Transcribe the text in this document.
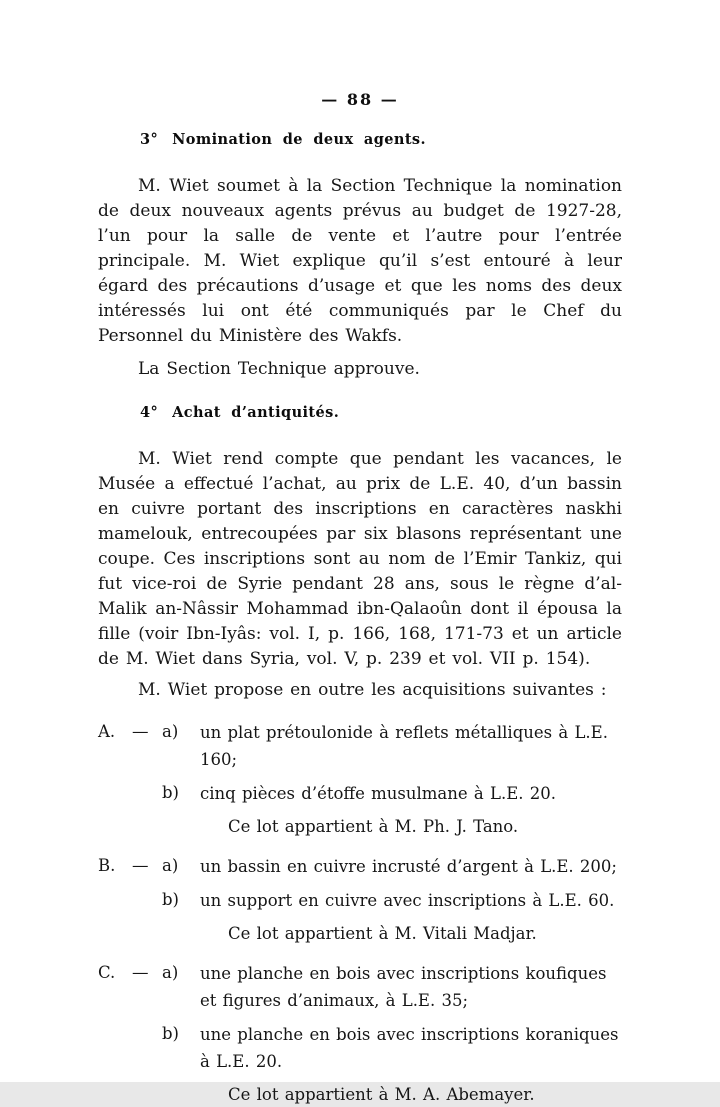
— 88 —
3° Nomination de deux agents.

M. Wiet soumet à la Section Technique la nomination de deux nouveaux agents prévus au budget de 1927-28, l’un pour la salle de vente et l’autre pour l’entrée principale. M. Wiet explique qu’il s’est entouré à leur égard des précautions d’usage et que les noms des deux intéressés lui ont été communiqués par le Chef du Personnel du Ministère des Wakfs.

La Section Technique approuve.

4° Achat d’antiquités.

M. Wiet rend compte que pendant les vacances, le Musée a effectué l’achat, au prix de L.E. 40, d’un bassin en cuivre portant des inscriptions en caractères naskhi mamelouk, entrecoupées par six blasons représentant une coupe. Ces inscriptions sont au nom de l’Emir Tankiz, qui fut vice-roi de Syrie pendant 28 ans, sous le règne d’al-Malik an-Nâssir Mohammad ibn-Qalaoûn dont il épousa la fille (voir Ibn-Iyâs: vol. I, p. 166, 168, 171-73 et un article de M. Wiet dans Syria, vol. V, p. 239 et vol. VII p. 154).

M. Wiet propose en outre les acquisitions suivantes :

A.	— a)	un plat prétoulonide à reflets métalliques à L.E. 160;
b)	cinq pièces d’étoffe musulmane à L.E. 20.

Ce lot appartient à M. Ph. J. Tano.

B.	— a)	un bassin en cuivre incrusté d’argent à L.E. 200;
b)	un support en cuivre avec inscriptions à L.E. 60.

Ce lot appartient à M. Vitali Madjar.

C.	— a)	une planche en bois avec inscriptions koufiques et figures d’animaux, à L.E. 35;
b)	une planche en bois avec inscriptions koraniques à L.E. 20.

Ce lot appartient à M. A. Abemayer.
